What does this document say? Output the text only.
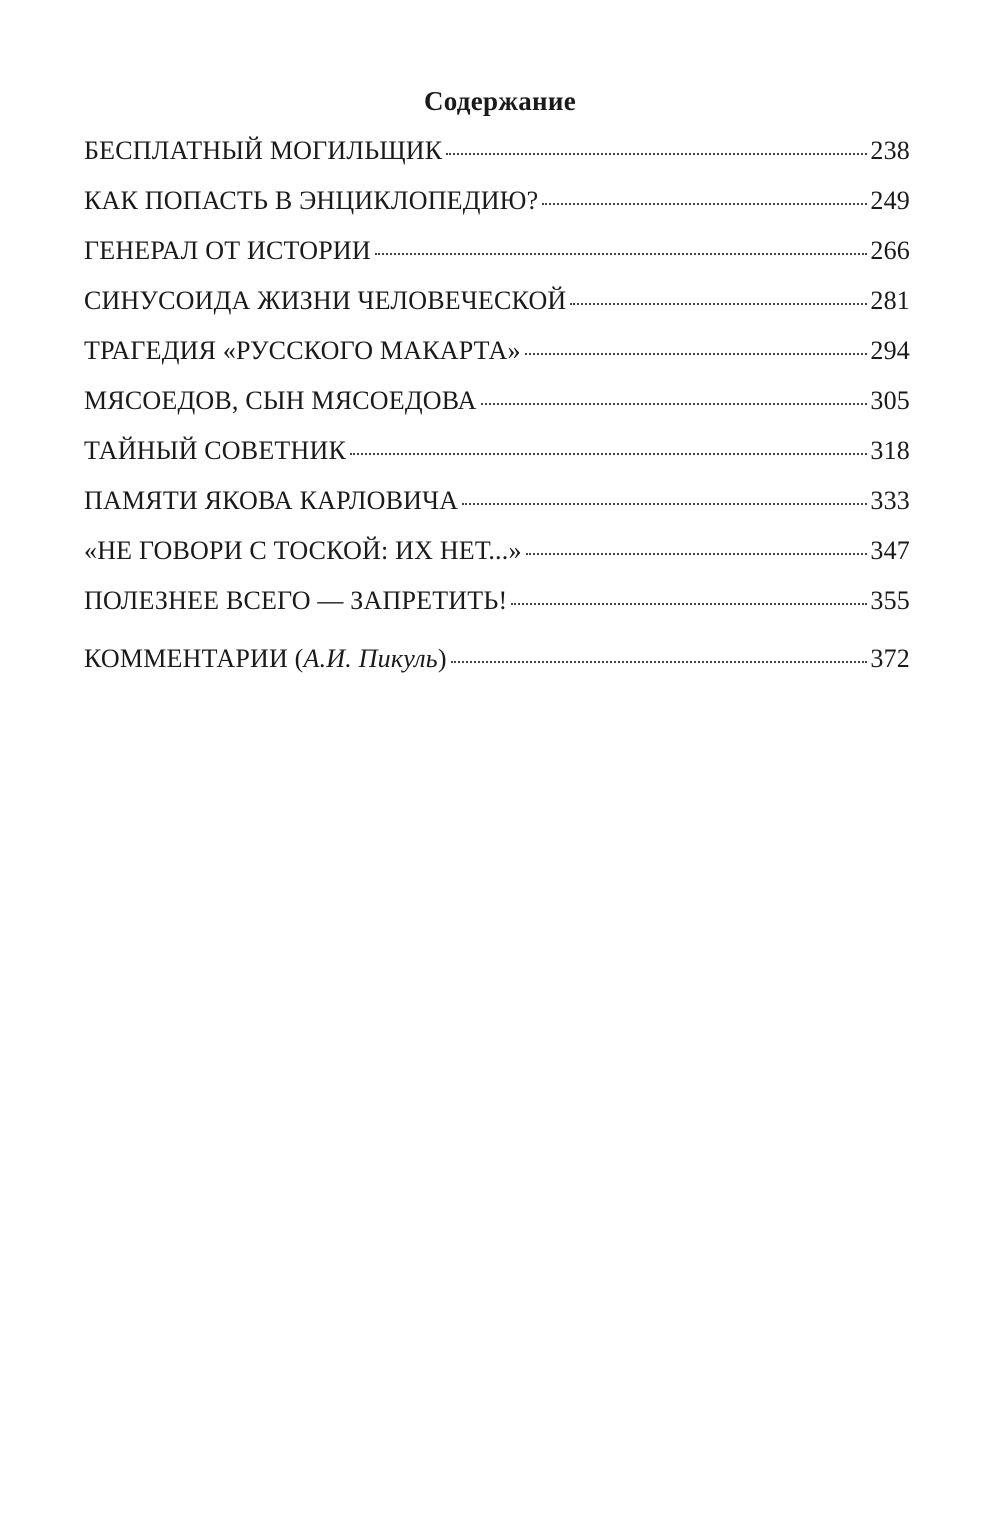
Содержание
БЕСПЛАТНЫЙ МОГИЛЬЩИК	238
КАК ПОПАСТЬ В ЭНЦИКЛОПЕДИЮ?	249
ГЕНЕРАЛ ОТ ИСТОРИИ	266
СИНУСОИДА ЖИЗНИ ЧЕЛОВЕЧЕСКОЙ	281
ТРАГЕДИЯ «РУССКОГО МАКАРТА»	294
МЯСОЕДОВ, СЫН МЯСОЕДОВА	305
ТАЙНЫЙ СОВЕТНИК	318
ПАМЯТИ ЯКОВА КАРЛОВИЧА	333
«НЕ ГОВОРИ С ТОСКОЙ: ИХ НЕТ...»	347
ПОЛЕЗНЕЕ ВСЕГО — ЗАПРЕТИТЬ!	355
КОММЕНТАРИИ (А.И. Пикуль)	372
